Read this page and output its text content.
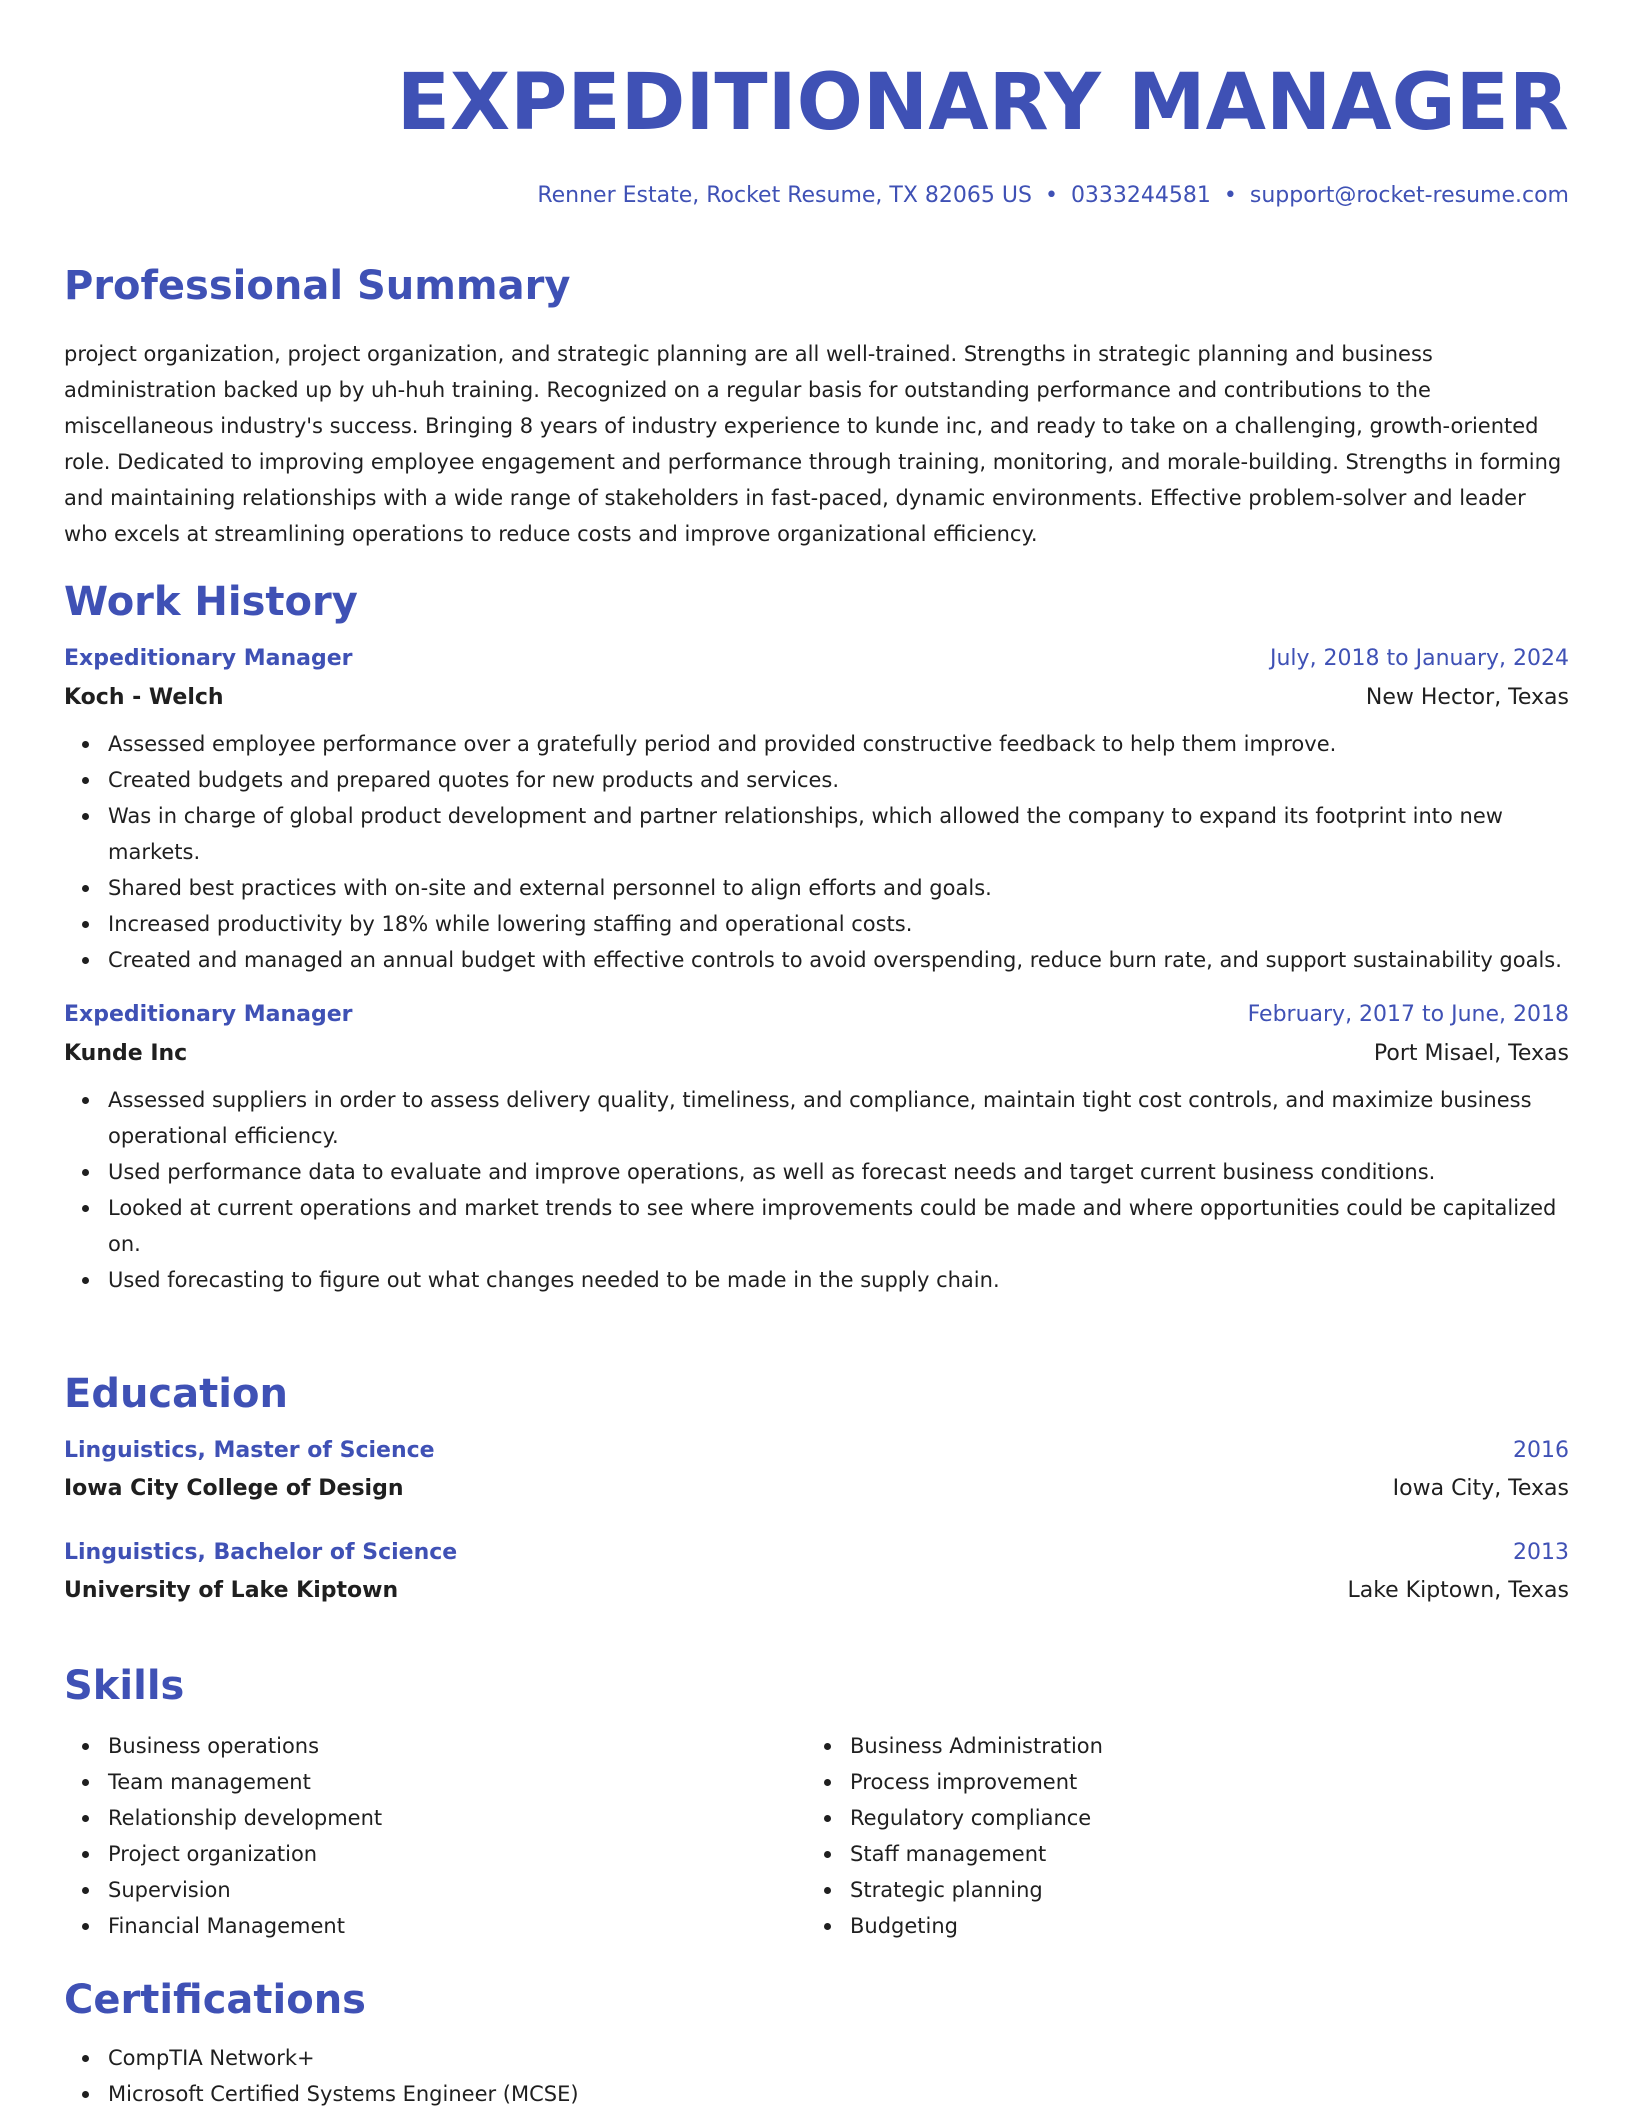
EXPEDITIONARY MANAGER
Renner Estate, Rocket Resume, TX 82065 US • 0333244581 • support@rocket-resume.com
Professional Summary

project organization, project organization, and strategic planning are all well-trained. Strengths in strategic planning and business administration backed up by uh-huh training. Recognized on a regular basis for outstanding performance and contributions to the miscellaneous industry's success. Bringing 8 years of industry experience to kunde inc, and ready to take on a challenging, growth-oriented role. Dedicated to improving employee engagement and performance through training, monitoring, and morale-building. Strengths in forming and maintaining relationships with a wide range of stakeholders in fast-paced, dynamic environments. Effective problem-solver and leader who excels at streamlining operations to reduce costs and improve organizational efficiency.

Work History
Expeditionary Manager	July, 2018 to January, 2024
Koch - Welch	New Hector, Texas
Assessed employee performance over a gratefully period and provided constructive feedback to help them improve.
Created budgets and prepared quotes for new products and services.
Was in charge of global product development and partner relationships, which allowed the company to expand its footprint into new markets.
Shared best practices with on-site and external personnel to align efforts and goals.
Increased productivity by 18% while lowering staffing and operational costs.
Created and managed an annual budget with effective controls to avoid overspending, reduce burn rate, and support sustainability goals.
Expeditionary Manager	February, 2017 to June, 2018
Kunde Inc	Port Misael, Texas
Assessed suppliers in order to assess delivery quality, timeliness, and compliance, maintain tight cost controls, and maximize business operational efficiency.
Used performance data to evaluate and improve operations, as well as forecast needs and target current business conditions.
Looked at current operations and market trends to see where improvements could be made and where opportunities could be capitalized on.
Used forecasting to figure out what changes needed to be made in the supply chain.
Education
Linguistics, Master of Science	2016
Iowa City College of Design	Iowa City, Texas
Linguistics, Bachelor of Science	2013
University of Lake Kiptown	Lake Kiptown, Texas
Skills
Business operations
Team management
Relationship development
Project organization
Supervision
Financial Management
Business Administration
Process improvement
Regulatory compliance
Staff management
Strategic planning
Budgeting
Certifications
CompTIA Network+
Microsoft Certified Systems Engineer (MCSE)
